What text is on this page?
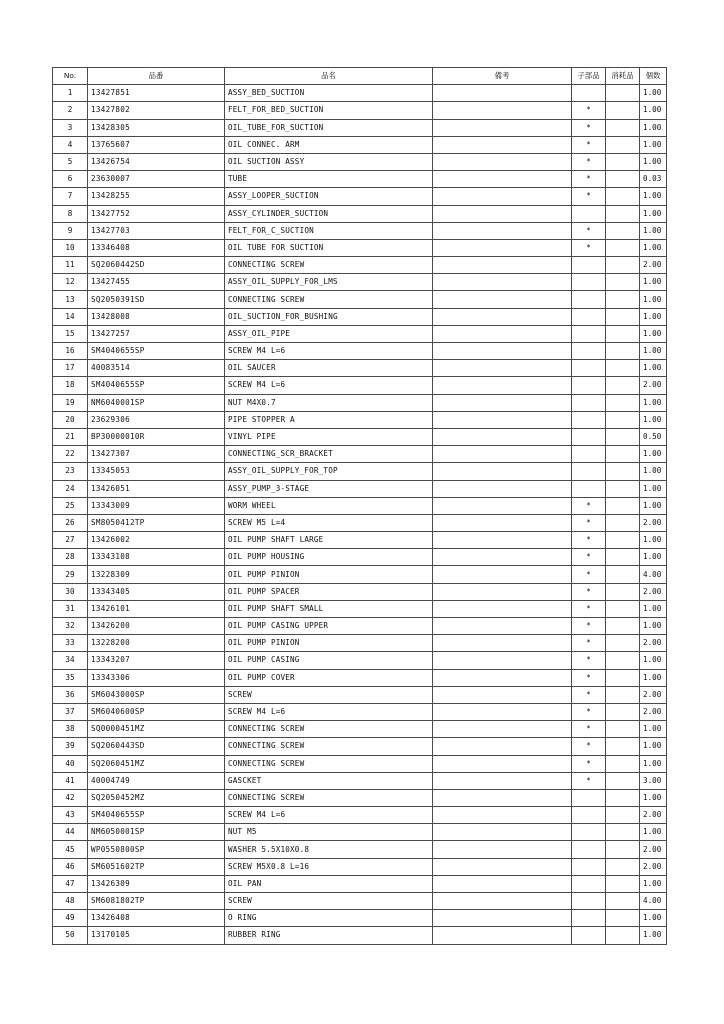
No.	品番	品名	備考	子部品	消耗品	個数
1	13427851	ASSY_BED_SUCTION				1.00
2	13427802	FELT_FOR_BED_SUCTION		*		1.00
3	13428305	OIL_TUBE_FOR_SUCTION		*		1.00
4	13765607	OIL CONNEC. ARM		*		1.00
5	13426754	OIL SUCTION ASSY		*		1.00
6	23630007	TUBE		*		0.03
7	13428255	ASSY_LOOPER_SUCTION		*		1.00
8	13427752	ASSY_CYLINDER_SUCTION				1.00
9	13427703	FELT_FOR_C_SUCTION		*		1.00
10	13346408	OIL TUBE FOR SUCTION		*		1.00
11	SQ2060442SD	CONNECTING SCREW				2.00
12	13427455	ASSY_OIL_SUPPLY_FOR_LMS				1.00
13	SQ2050391SD	CONNECTING SCREW				1.00
14	13428008	OIL_SUCTION_FOR_BUSHING				1.00
15	13427257	ASSY_OIL_PIPE				1.00
16	SM4040655SP	SCREW M4 L=6				1.00
17	40083514	OIL SAUCER				1.00
18	SM4040655SP	SCREW M4 L=6				2.00
19	NM6040001SP	NUT M4X0.7				1.00
20	23629306	PIPE STOPPER A				1.00
21	BP30000010R	VINYL PIPE				0.50
22	13427307	CONNECTING_SCR_BRACKET				1.00
23	13345053	ASSY_OIL_SUPPLY_FOR_TOP				1.00
24	13426051	ASSY_PUMP_3-STAGE				1.00
25	13343009	WORM WHEEL		*		1.00
26	SM8050412TP	SCREW M5 L=4		*		2.00
27	13426002	OIL PUMP SHAFT LARGE		*		1.00
28	13343108	OIL PUMP HOUSING		*		1.00
29	13228309	OIL PUMP PINION		*		4.00
30	13343405	OIL PUMP SPACER		*		2.00
31	13426101	OIL PUMP SHAFT SMALL		*		1.00
32	13426200	OIL PUMP CASING UPPER		*		1.00
33	13228200	OIL PUMP PINION		*		2.00
34	13343207	OIL PUMP CASING		*		1.00
35	13343306	OIL PUMP COVER		*		1.00
36	SM6043000SP	SCREW		*		2.00
37	SM6040600SP	SCREW M4 L=6		*		2.00
38	SQ0000451MZ	CONNECTING SCREW		*		1.00
39	SQ2060443SD	CONNECTING SCREW		*		1.00
40	SQ2060451MZ	CONNECTING SCREW		*		1.00
41	40004749	GASCKET		*		3.00
42	SQ2050452MZ	CONNECTING SCREW				1.00
43	SM4040655SP	SCREW M4 L=6				2.00
44	NM6050001SP	NUT M5				1.00
45	WP0550800SP	WASHER 5.5X10X0.8				2.00
46	SM6051602TP	SCREW M5X0.8 L=16				2.00
47	13426309	OIL PAN				1.00
48	SM6081802TP	SCREW				4.00
49	13426408	O RING				1.00
50	13170105	RUBBER RING				1.00
